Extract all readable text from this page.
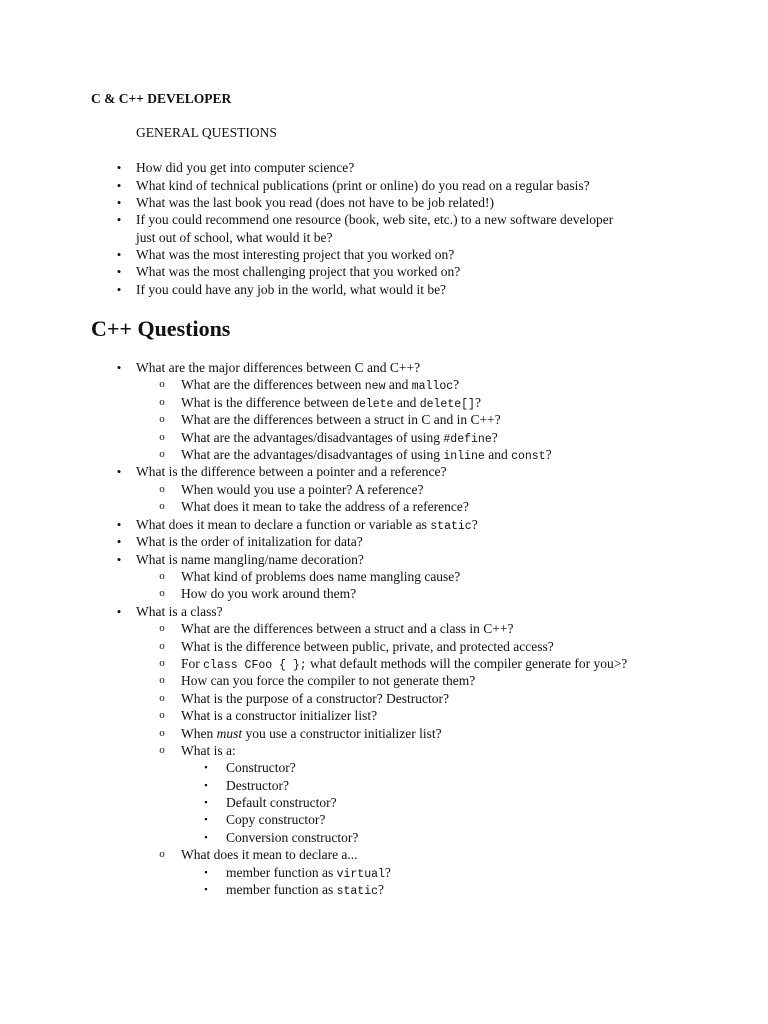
C & C++ DEVELOPER
GENERAL QUESTIONS
• How did you get into computer science?
• What kind of technical publications (print or online) do you read on a regular basis?
• What was the last book you read (does not have to be job related!)
• If you could recommend one resource (book, web site, etc.) to a new software developer
just out of school, what would it be?
• What was the most interesting project that you worked on?
• What was the most challenging project that you worked on?
• If you could have any job in the world, what would it be?
C++ Questions
• What are the major differences between C and C++?
o What are the differences between new and malloc?
o What is the difference between delete and delete[]?
o What are the differences between a struct in C and in C++?
o What are the advantages/disadvantages of using #define?
o What are the advantages/disadvantages of using inline and const?
• What is the difference between a pointer and a reference?
o When would you use a pointer? A reference?
o What does it mean to take the address of a reference?
• What does it mean to declare a function or variable as static?
• What is the order of initalization for data?
• What is name mangling/name decoration?
o What kind of problems does name mangling cause?
o How do you work around them?
• What is a class?
o What are the differences between a struct and a class in C++?
o What is the difference between public, private, and protected access?
o For class CFoo { }; what default methods will the compiler generate for you>?
o How can you force the compiler to not generate them?
o What is the purpose of a constructor? Destructor?
o What is a constructor initializer list?
o When must you use a constructor initializer list?
o What is a:
▪ Constructor?
▪ Destructor?
▪ Default constructor?
▪ Copy constructor?
▪ Conversion constructor?
o What does it mean to declare a...
▪ member function as virtual?
▪ member function as static?
